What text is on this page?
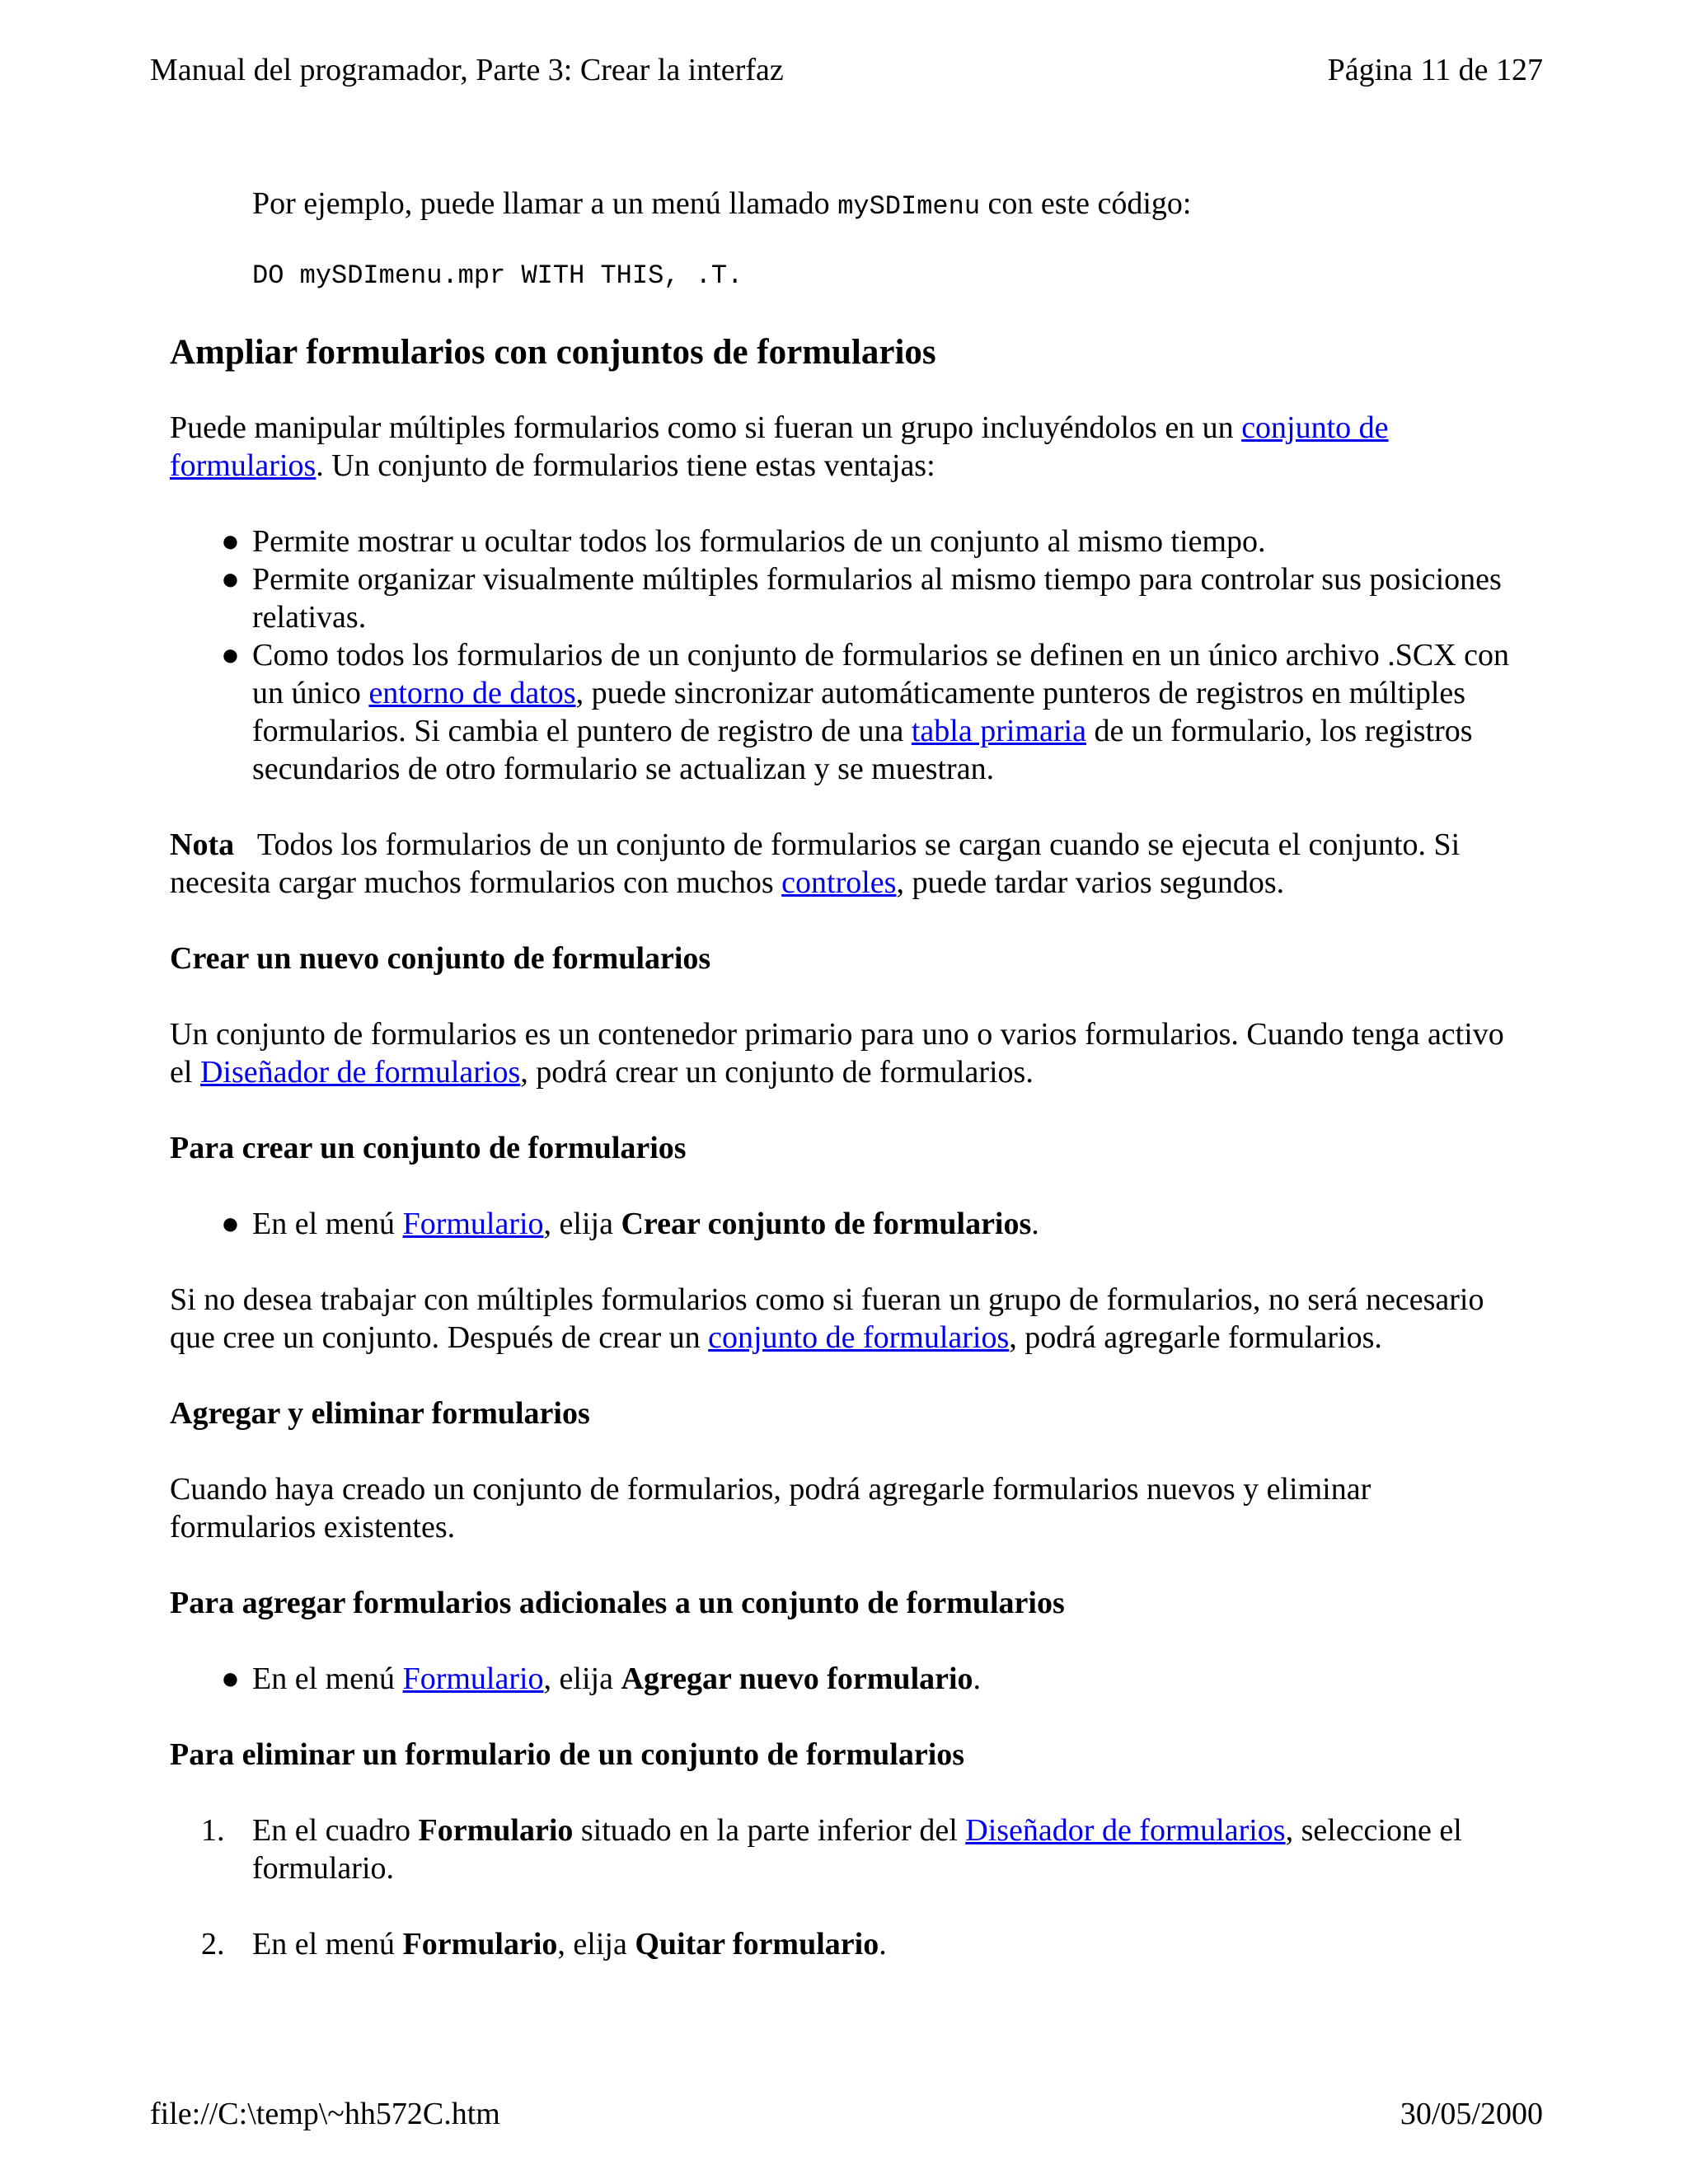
Manual del programador, Parte 3: Crear la interfaz	Página 11 de 127

Por ejemplo, puede llamar a un menú llamado mySDImenu con este código:

DO mySDImenu.mpr WITH THIS, .T.

Ampliar formularios con conjuntos de formularios

Puede manipular múltiples formularios como si fueran un grupo incluyéndolos en un conjunto de formularios. Un conjunto de formularios tiene estas ventajas:

● Permite mostrar u ocultar todos los formularios de un conjunto al mismo tiempo.
● Permite organizar visualmente múltiples formularios al mismo tiempo para controlar sus posiciones relativas.
● Como todos los formularios de un conjunto de formularios se definen en un único archivo .SCX con un único entorno de datos, puede sincronizar automáticamente punteros de registros en múltiples formularios. Si cambia el puntero de registro de una tabla primaria de un formulario, los registros secundarios de otro formulario se actualizan y se muestran.

Nota   Todos los formularios de un conjunto de formularios se cargan cuando se ejecuta el conjunto. Si necesita cargar muchos formularios con muchos controles, puede tardar varios segundos.

Crear un nuevo conjunto de formularios

Un conjunto de formularios es un contenedor primario para uno o varios formularios. Cuando tenga activo el Diseñador de formularios, podrá crear un conjunto de formularios.

Para crear un conjunto de formularios
● En el menú Formulario, elija Crear conjunto de formularios.

Si no desea trabajar con múltiples formularios como si fueran un grupo de formularios, no será necesario que cree un conjunto. Después de crear un conjunto de formularios, podrá agregarle formularios.

Agregar y eliminar formularios

Cuando haya creado un conjunto de formularios, podrá agregarle formularios nuevos y eliminar formularios existentes.

Para agregar formularios adicionales a un conjunto de formularios
● En el menú Formulario, elija Agregar nuevo formulario.
Para eliminar un formulario de un conjunto de formularios
1. En el cuadro Formulario situado en la parte inferior del Diseñador de formularios, seleccione el formulario.
2. En el menú Formulario, elija Quitar formulario.
file://C:\temp\~hh572C.htm	30/05/2000
